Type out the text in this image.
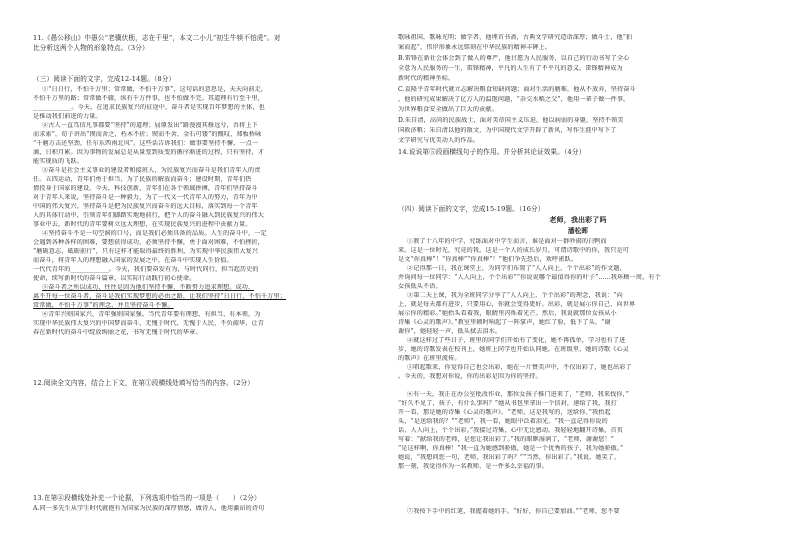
11.《愚公移山》中愚公“老骥伏枥，志在千里”，本文二小儿“初生牛犊不怕虎”。对
比分析这两个人物的形象特点。（3分）
（三）阅读下面的文字，完成12-14题。（8分）
①“日日行，不怕千万里；常常做，不怕千万事”，这句话的意思是，天天向前走，
不怕千万里的路；常常做不辍，纵有千万件事，也不怕做不完。其道理有行至千里，
____________。今天，在追求民族复兴的征途中，奋斗者是实现百年梦想的主体，也
是推动我们前进的力量。
②古人一直笃信凡事都要“坚持”的道理；屈原发出“路漫漫其修远兮，吾将上下
而求索”，荀子讲出“锲而舍之，朽木不折；锲而不舍，金石可镂”的慨叹，郑板桥咏
“千磨万击还坚劲，任尔东西南北风”。这些话告诉我们：做事要坚持不懈，一点一
滴，日积月累。因为事物的发展总是从量变到质变的循序渐进的过程，只有坚持，才
能实现质的飞跃。
③奋斗是社会主义事业的建设者和接班人，为民族复兴而奋斗是我们青年人的责
任。五四运动，青年们勇于担当，为了民族的解放而奋斗；建设时期，青年们热
情投身于国家的建设。今天，科技创新、青年们在各个领域拼搏，青年们坚持奋斗
对于青年人来说，坚持奋斗是一种毅力，为了一代又一代青年人的努力，青年为中
中国的伟大复兴。坚持奋斗是把为民族复兴而奋斗的远大目标，落实到每一个青年
人的具体行动中，引领青年们脚踏实地地前行，把个人的奋斗融入到民族复兴的伟大
事业中去，新时代的青年要树立远大理想，在实现民族复兴的进程中贡献力量。
④坚持奋斗不是一句空洞的口号，而是我们必须具备的品质。人生的奋斗中，一定
会遇到各种各样的困难，要想获得成功，必须坚持不懈，勇于面对困难，不怕挫折，
“磨砺意志，砥砺前行”，只有这样才能取得最终的胜利，为实现中华民族伟大复兴
而奋斗，将青年人的理想融入国家的发展之中，在奋斗中实现人生价值。
一代代青年的____________。今天，我们要奋发有为，与时代同行，担当起历史的
使命，续写新时代的奋斗篇章，以实际行动践行初心使命。
⑤奋斗者之所以成功，往往是因为他们坚持不懈，不断努力追求理想。成功，
离不开每一位奋斗者，奋斗是我们实现梦想的必由之路，让我们坚持“日日行，不怕千万里；
常常做，不怕千万事”的理念，并且坚持奋斗不懈。
⑥青年兴则国家兴，青年强则国家强。当代青年要有理想、有担当、有本领，为
实现中华民族伟大复兴的中国梦而奋斗，无愧于时代，无愧于人民，不负韶华，让青
春在新时代的奋斗中绽放绚丽之花，书写无愧于时代的华章。
12.阅读全文内容，结合上下文，在第①段横线处填写恰当的内容。（2分）
13.在第④段横线处补充一个论据，下列选项中恰当的一项是（　　）（2分）
A.同一多先生从学生时代就抱有为国家为民族的深厚情感，做诗人，他用激昂的诗句
歌咏祖国，歌咏光明；做学者，他埋首书斋，古典文学研究造诣深厚；做斗士，他“拍
案而起”，伟岸形象永远铭刻在中华民族的精神丰碑上。
B.雷锋在新社会体会到了做人的尊严，他甘愿为人民服务，以自己的行动书写了全心
全意为人民服务的一生，雷锋精神，平凡的人生有了不平凡的意义。雷锋精神成为
新时代的精神坐标。
C.袁隆平青年时代就立志解决粮食短缺问题；面对生活的磨难，他从不放弃，坚持奋斗
，他的研究成果解决了亿万人的温饱问题，“杂交水稻之父”，他用一辈子做一件事，
为世界粮食安全做出了巨大的贡献。
D.朱自清，高尚的民族战士，面对美帝国主义压迫，他以病弱的身躯，坚持不领美
国救济粮；朱自清以他的散文，为中国现代文学开辟了新风，写作生涯中写下了
文学研究与优美动人的作品。
14.说说第⑤段画横线句子的作用。并分析其论证效果。（4分）
（四）阅读下面的文字，完成15-19题。（16分）
老师，我出彩了吗
潘松晖
①教了十八年的中学，究练面对中学生而言，谁是面对一群吵闹的白鸭而
来。这是一位时光，究竟的我。这是一个人的成长岁月，可谓诗歌中的你，我只是可
是文“你真棒”！“你真棒”“你真棒”！”他们争先恐后，欢呼雀跃。
②记得那一日，我在课堂上，为同学们布置了“人人向上，个个出彩”的作文题，
并询问每一位同学：“人人向上，个个出彩”“你说说哪个最值得你的叶子”……我环顾一周，有个
女孩低头不语。
③第二天上课，我为全班同学分享了“人人向上，个个出彩”的理念，我说：“向
上，就是每天都有进步，只要用心，你就会变得更好。出彩，就是展示你自己，向世界
展示你的精彩。”她抬头看着我，眼睛里闪烁着光芒。然后，我说就那位女孩从小
诗集《心灵的歌声》。”教室里顿时响起了一阵掌声，她红了脸，低下了头，“谢
谢你”，她轻轻一声，低头拭去泪水。
④就这样过了些日子，班里的同学们开始有了变化，她不再孤单，学习也有了进
步，她的诗歌发表在校刊上，她班上同学也开始认同她，在班级里，她的诗歌《心灵
的歌声》在班里流传。
⑤唱起歌来，你觉得自己也会出彩，她在一片赞美声中，不仅出彩了，她也出彩了
。今天的，我想对你说，你的出彩是因为你的坚持。
⑥有一天，我正在办公室批改作业，那位女孩子推门进来了，“老师，我来找你，”
“好久不见了，孩子，有什么事吗？”她从书包里拿出一个信封，递给了我，我打
开一看，那是她的诗集《心灵的歌声》。“老师，这是我写的，送给你。”我抬起
头，“是送给我的？”“老师”，我一看，她眼中泛着泪光。“我一直记得你说的
话，人人向上，个个出彩。”我接过诗集，心中无比感动。我轻轻地翻开诗集，首页
写着：“献给我的老师，是您让我出彩了。”我的眼眶湿润了，“老师，谢谢您！”
“是这样啊，你真棒！”我一直为她感到骄傲，她是一个优秀的孩子，我为她骄傲。”
她说，“我想问您一句，老师，我出彩了吗？”“当然，你出彩了。”我说，她笑了，
那一刻，我觉得作为一名教师，是一件多么幸福的事。
⑦我按下手中的红笔，我握着她的手。“好好，你自己要加油。”“老师，您不要
